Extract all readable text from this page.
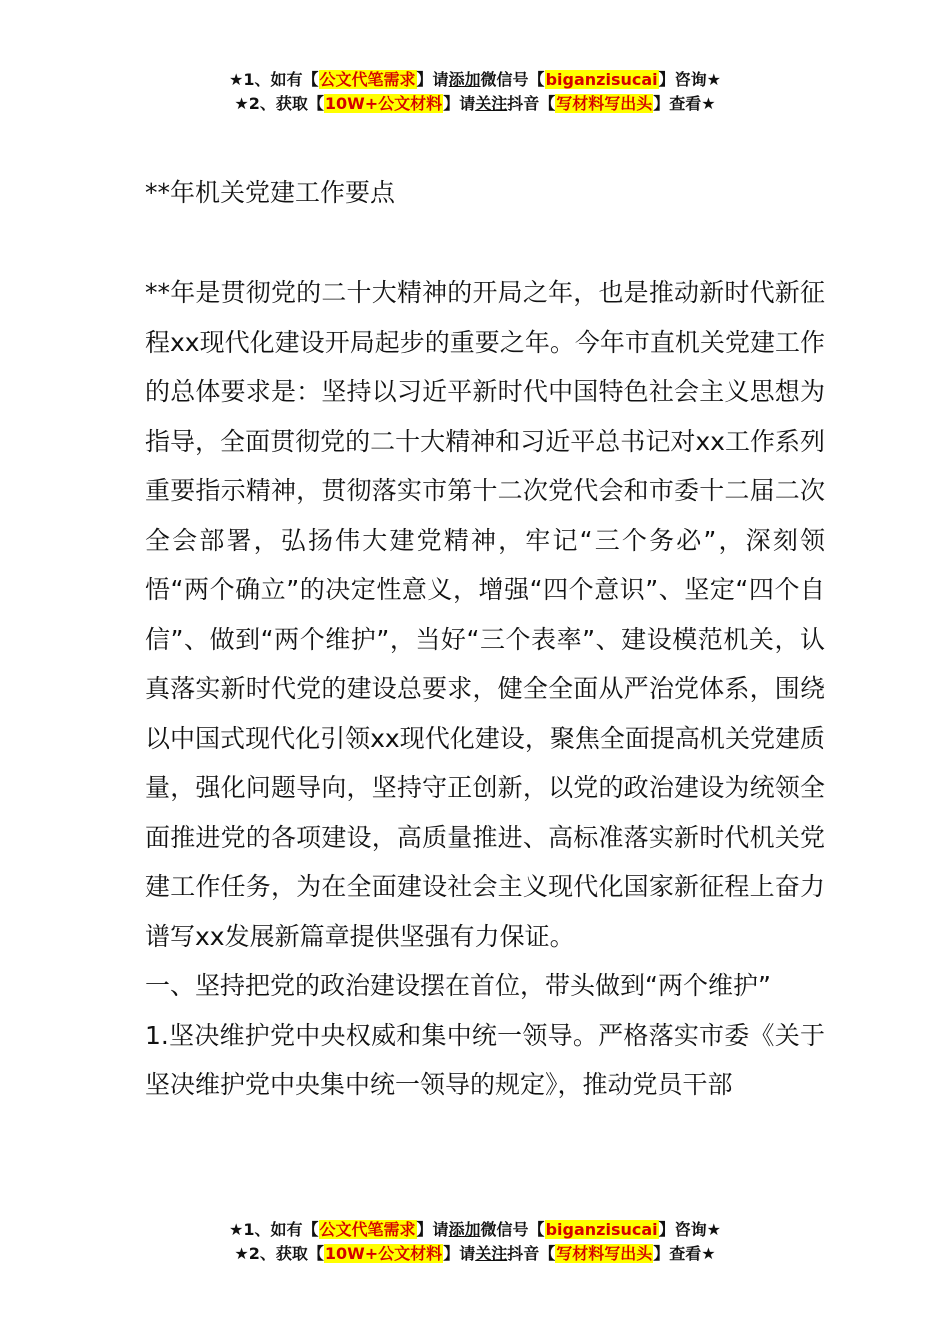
★1、如有【公文代笔需求】请添加微信号【biganzisucai】咨询★
★2、获取【10W+公文材料】请关注抖音【写材料写出头】查看★

**年机关党建工作要点

**年是贯彻党的二十大精神的开局之年，也是推动新时代新征程xx现代化建设开局起步的重要之年。今年市直机关党建工作的总体要求是：坚持以习近平新时代中国特色社会主义思想为指导，全面贯彻党的二十大精神和习近平总书记对xx工作系列重要指示精神，贯彻落实市第十二次党代会和市委十二届二次全会部署，弘扬伟大建党精神，牢记“三个务必”，深刻领悟“两个确立”的决定性意义，增强“四个意识”、坚定“四个自信”、做到“两个维护”，当好“三个表率”、建设模范机关，认真落实新时代党的建设总要求，健全全面从严治党体系，围绕以中国式现代化引领xx现代化建设，聚焦全面提高机关党建质量，强化问题导向，坚持守正创新，以党的政治建设为统领全面推进党的各项建设，高质量推进、高标准落实新时代机关党建工作任务，为在全面建设社会主义现代化国家新征程上奋力谱写xx发展新篇章提供坚强有力保证。

一、坚持把党的政治建设摆在首位，带头做到“两个维护”

1.坚决维护党中央权威和集中统一领导。严格落实市委《关于坚决维护党中央集中统一领导的规定》，推动党员干部

★1、如有【公文代笔需求】请添加微信号【biganzisucai】咨询★
★2、获取【10W+公文材料】请关注抖音【写材料写出头】查看★
